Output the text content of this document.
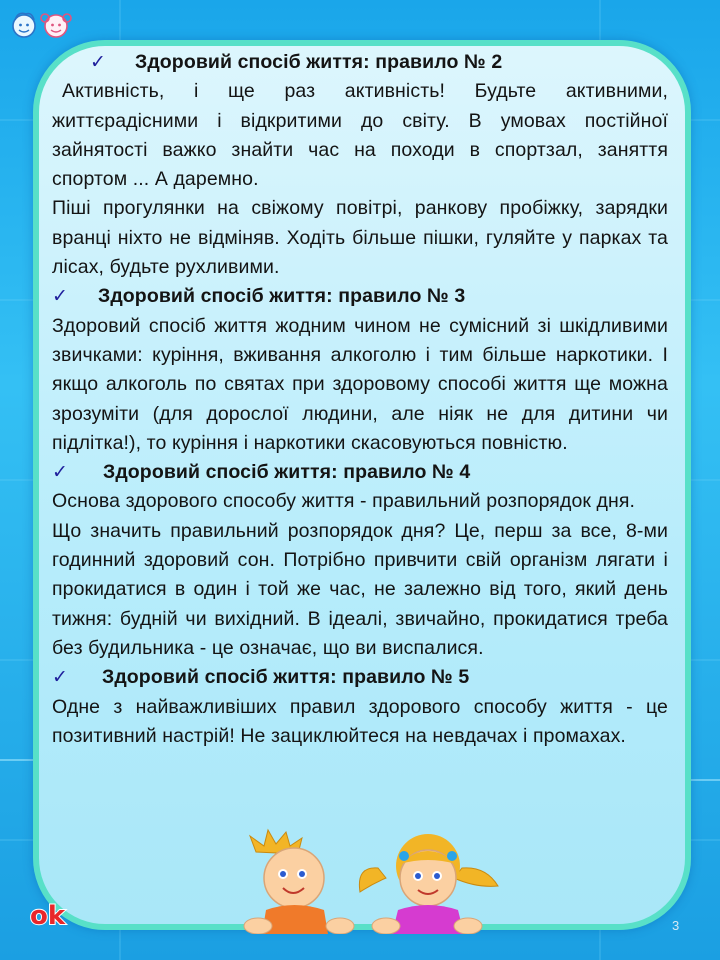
✓	Здоровий спосіб життя: правило № 2

Активність, і ще раз активність! Будьте активними, життєрадісними і відкритими до світу. В умовах постійної зайнятості важко знайти час на походи в спортзал, заняття спортом ... А даремно.

Піші прогулянки на свіжому повітрі, ранкову пробіжку, зарядки вранці ніхто не відміняв. Ходіть більше пішки, гуляйте у парках та лісах, будьте рухливими.

✓	Здоровий спосіб життя: правило № 3

Здоровий спосіб життя жодним чином не сумісний зі шкідливими звичками: куріння, вживання алкоголю і тим більше наркотики. І якщо алкоголь по святах при здоровому способі життя ще можна зрозуміти (для дорослої людини, але ніяк не для дитини чи підлітка!), то куріння і наркотики скасовуються повністю.

✓	Здоровий спосіб життя: правило № 4

Основа здорового способу життя - правильний розпорядок дня.

Що значить правильний розпорядок дня? Це, перш за все, 8-ми годинний здоровий сон. Потрібно привчити свій організм лягати і прокидатися в один і той же час, не залежно від того, який день тижня: будній чи вихідний. В ідеалі, звичайно, прокидатися треба без будильника - це означає, що ви виспалися.

✓	Здоровий спосіб життя: правило № 5

Одне з найважливіших правил здорового способу життя - це позитивний настрій! Не зациклюйтеся на невдачах і промахах.

ok	3
